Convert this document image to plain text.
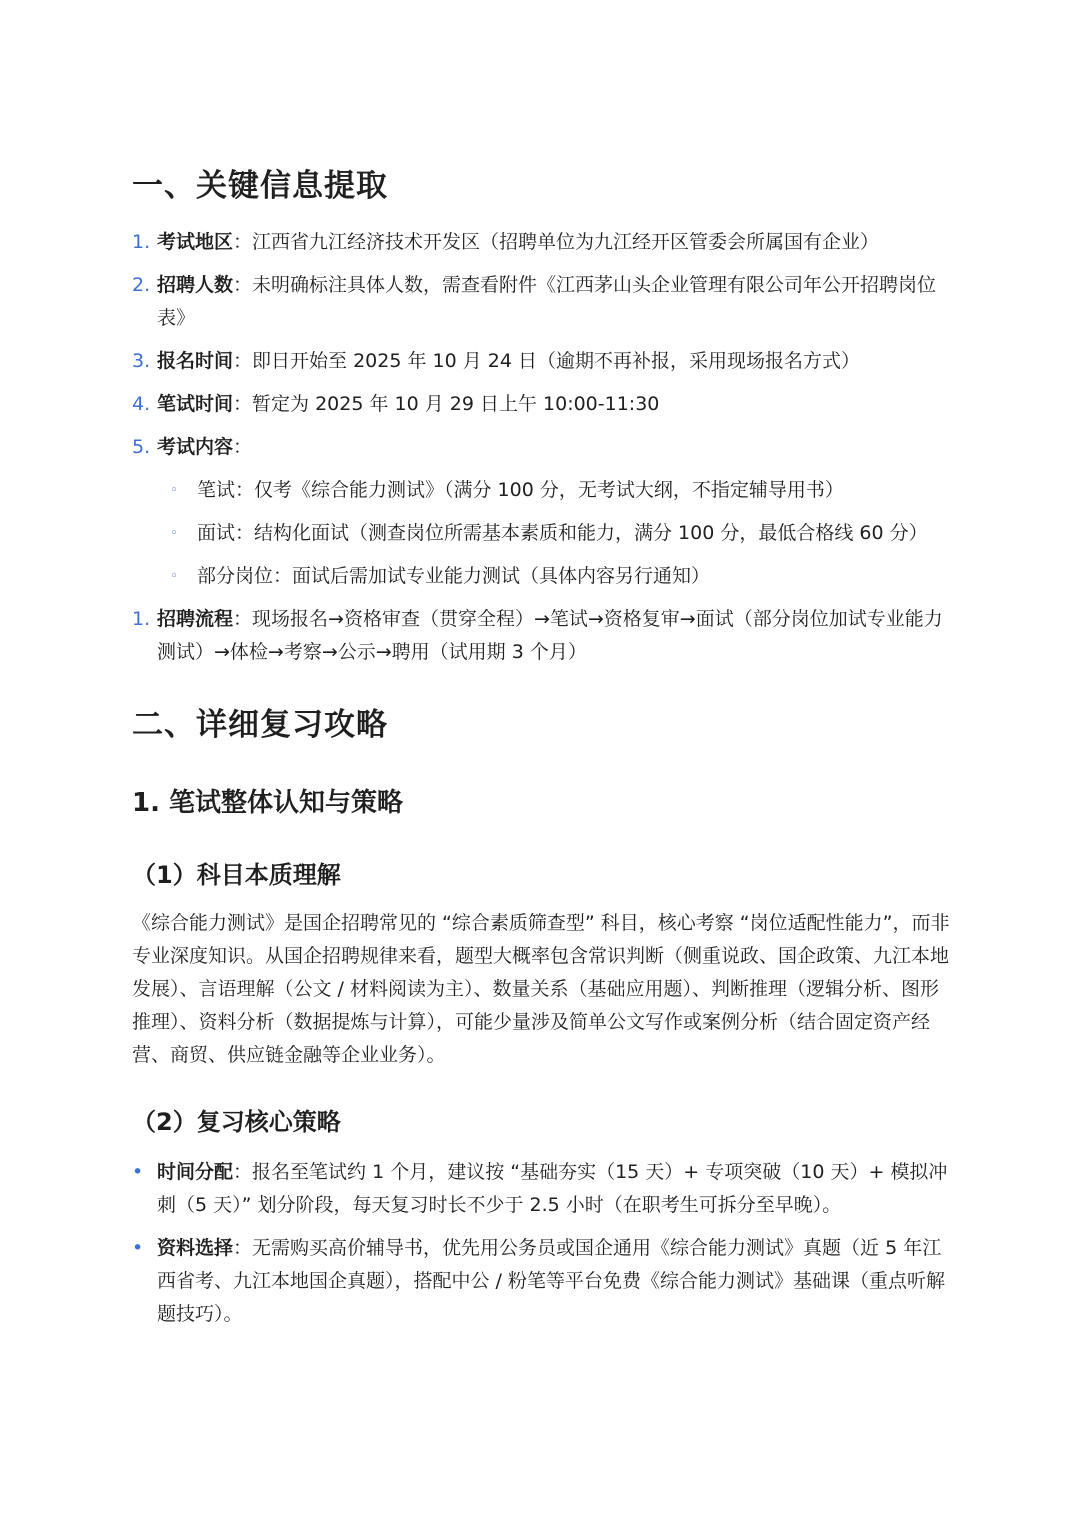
一、关键信息提取
1. 考试地区：江西省九江经济技术开发区（招聘单位为九江经开区管委会所属国有企业）
2. 招聘人数：未明确标注具体人数，需查看附件《江西茅山头企业管理有限公司年公开招聘岗位表》
3. 报名时间：即日开始至 2025 年 10 月 24 日（逾期不再补报，采用现场报名方式）
4. 笔试时间：暂定为 2025 年 10 月 29 日上午 10:00-11:30
5. 考试内容：
◦ 笔试：仅考《综合能力测试》（满分 100 分，无考试大纲，不指定辅导用书）
◦ 面试：结构化面试（测查岗位所需基本素质和能力，满分 100 分，最低合格线 60 分）
◦ 部分岗位：面试后需加试专业能力测试（具体内容另行通知）
1. 招聘流程：现场报名→资格审查（贯穿全程）→笔试→资格复审→面试（部分岗位加试专业能力测试）→体检→考察→公示→聘用（试用期 3 个月）
二、详细复习攻略
1. 笔试整体认知与策略
（1）科目本质理解

《综合能力测试》是国企招聘常见的 “综合素质筛查型” 科目，核心考察 “岗位适配性能力”，而非专业深度知识。从国企招聘规律来看，题型大概率包含常识判断（侧重说政、国企政策、九江本地发展）、言语理解（公文 / 材料阅读为主）、数量关系（基础应用题）、判断推理（逻辑分析、图形推理）、资料分析（数据提炼与计算），可能少量涉及简单公文写作或案例分析（结合固定资产经营、商贸、供应链金融等企业业务）。

（2）复习核心策略
• 时间分配：报名至笔试约 1 个月，建议按 “基础夯实（15 天）+ 专项突破（10 天）+ 模拟冲刺（5 天）” 划分阶段，每天复习时长不少于 2.5 小时（在职考生可拆分至早晚）。
• 资料选择：无需购买高价辅导书，优先用公务员或国企通用《综合能力测试》真题（近 5 年江西省考、九江本地国企真题），搭配中公 / 粉笔等平台免费《综合能力测试》基础课（重点听解题技巧）。
